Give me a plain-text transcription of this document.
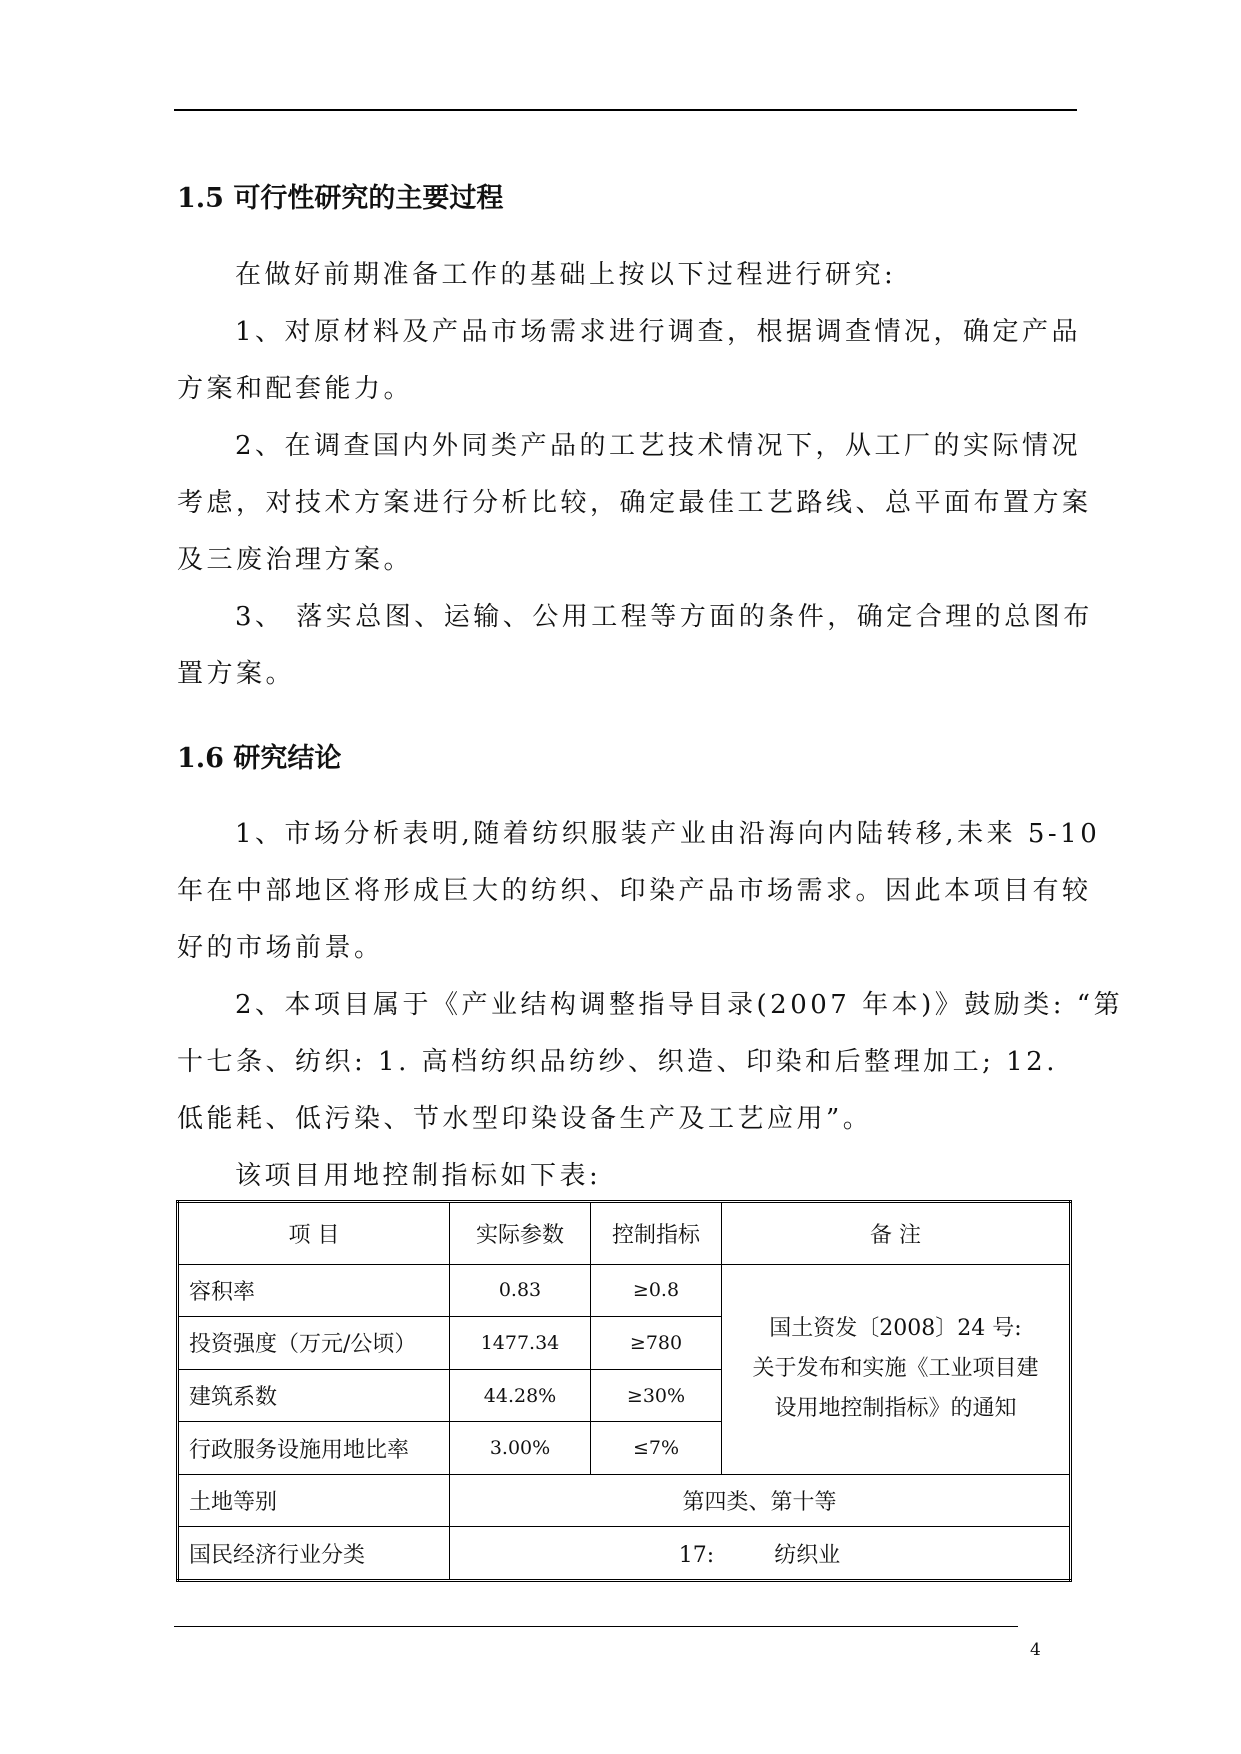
1.5 可行性研究的主要过程

在做好前期准备工作的基础上按以下过程进行研究:

1、对原材料及产品市场需求进行调查，根据调查情况，确定产品
方案和配套能力。

2、在调查国内外同类产品的工艺技术情况下，从工厂的实际情况
考虑，对技术方案进行分析比较，确定最佳工艺路线、总平面布置方案
及三废治理方案。

3、 落实总图、运输、公用工程等方面的条件，确定合理的总图布
置方案。

1.6 研究结论

1、市场分析表明,随着纺织服装产业由沿海向内陆转移,未来 5-10
年在中部地区将形成巨大的纺织、印染产品市场需求。因此本项目有较
好的市场前景。

2、本项目属于《产业结构调整指导目录(2007 年本)》鼓励类: “第
十七条、纺织: 1. 高档纺织品纺纱、织造、印染和后整理加工; 12.
低能耗、低污染、节水型印染设备生产及工艺应用”。

该项目用地控制指标如下表:

项 目	实际参数	控制指标	备 注
容积率	0.83	≥0.8	国土资发〔2008〕24 号:
关于发布和实施《工业项目建
设用地控制指标》的通知

投资强度（万元/公顷）	1477.34	≥780	
建筑系数	44.28%	≥30%	
行政服务设施用地比率	3.00%	≤7%	
土地等别	第四类、第十等		
国民经济行业分类	17: 纺织业		
4
